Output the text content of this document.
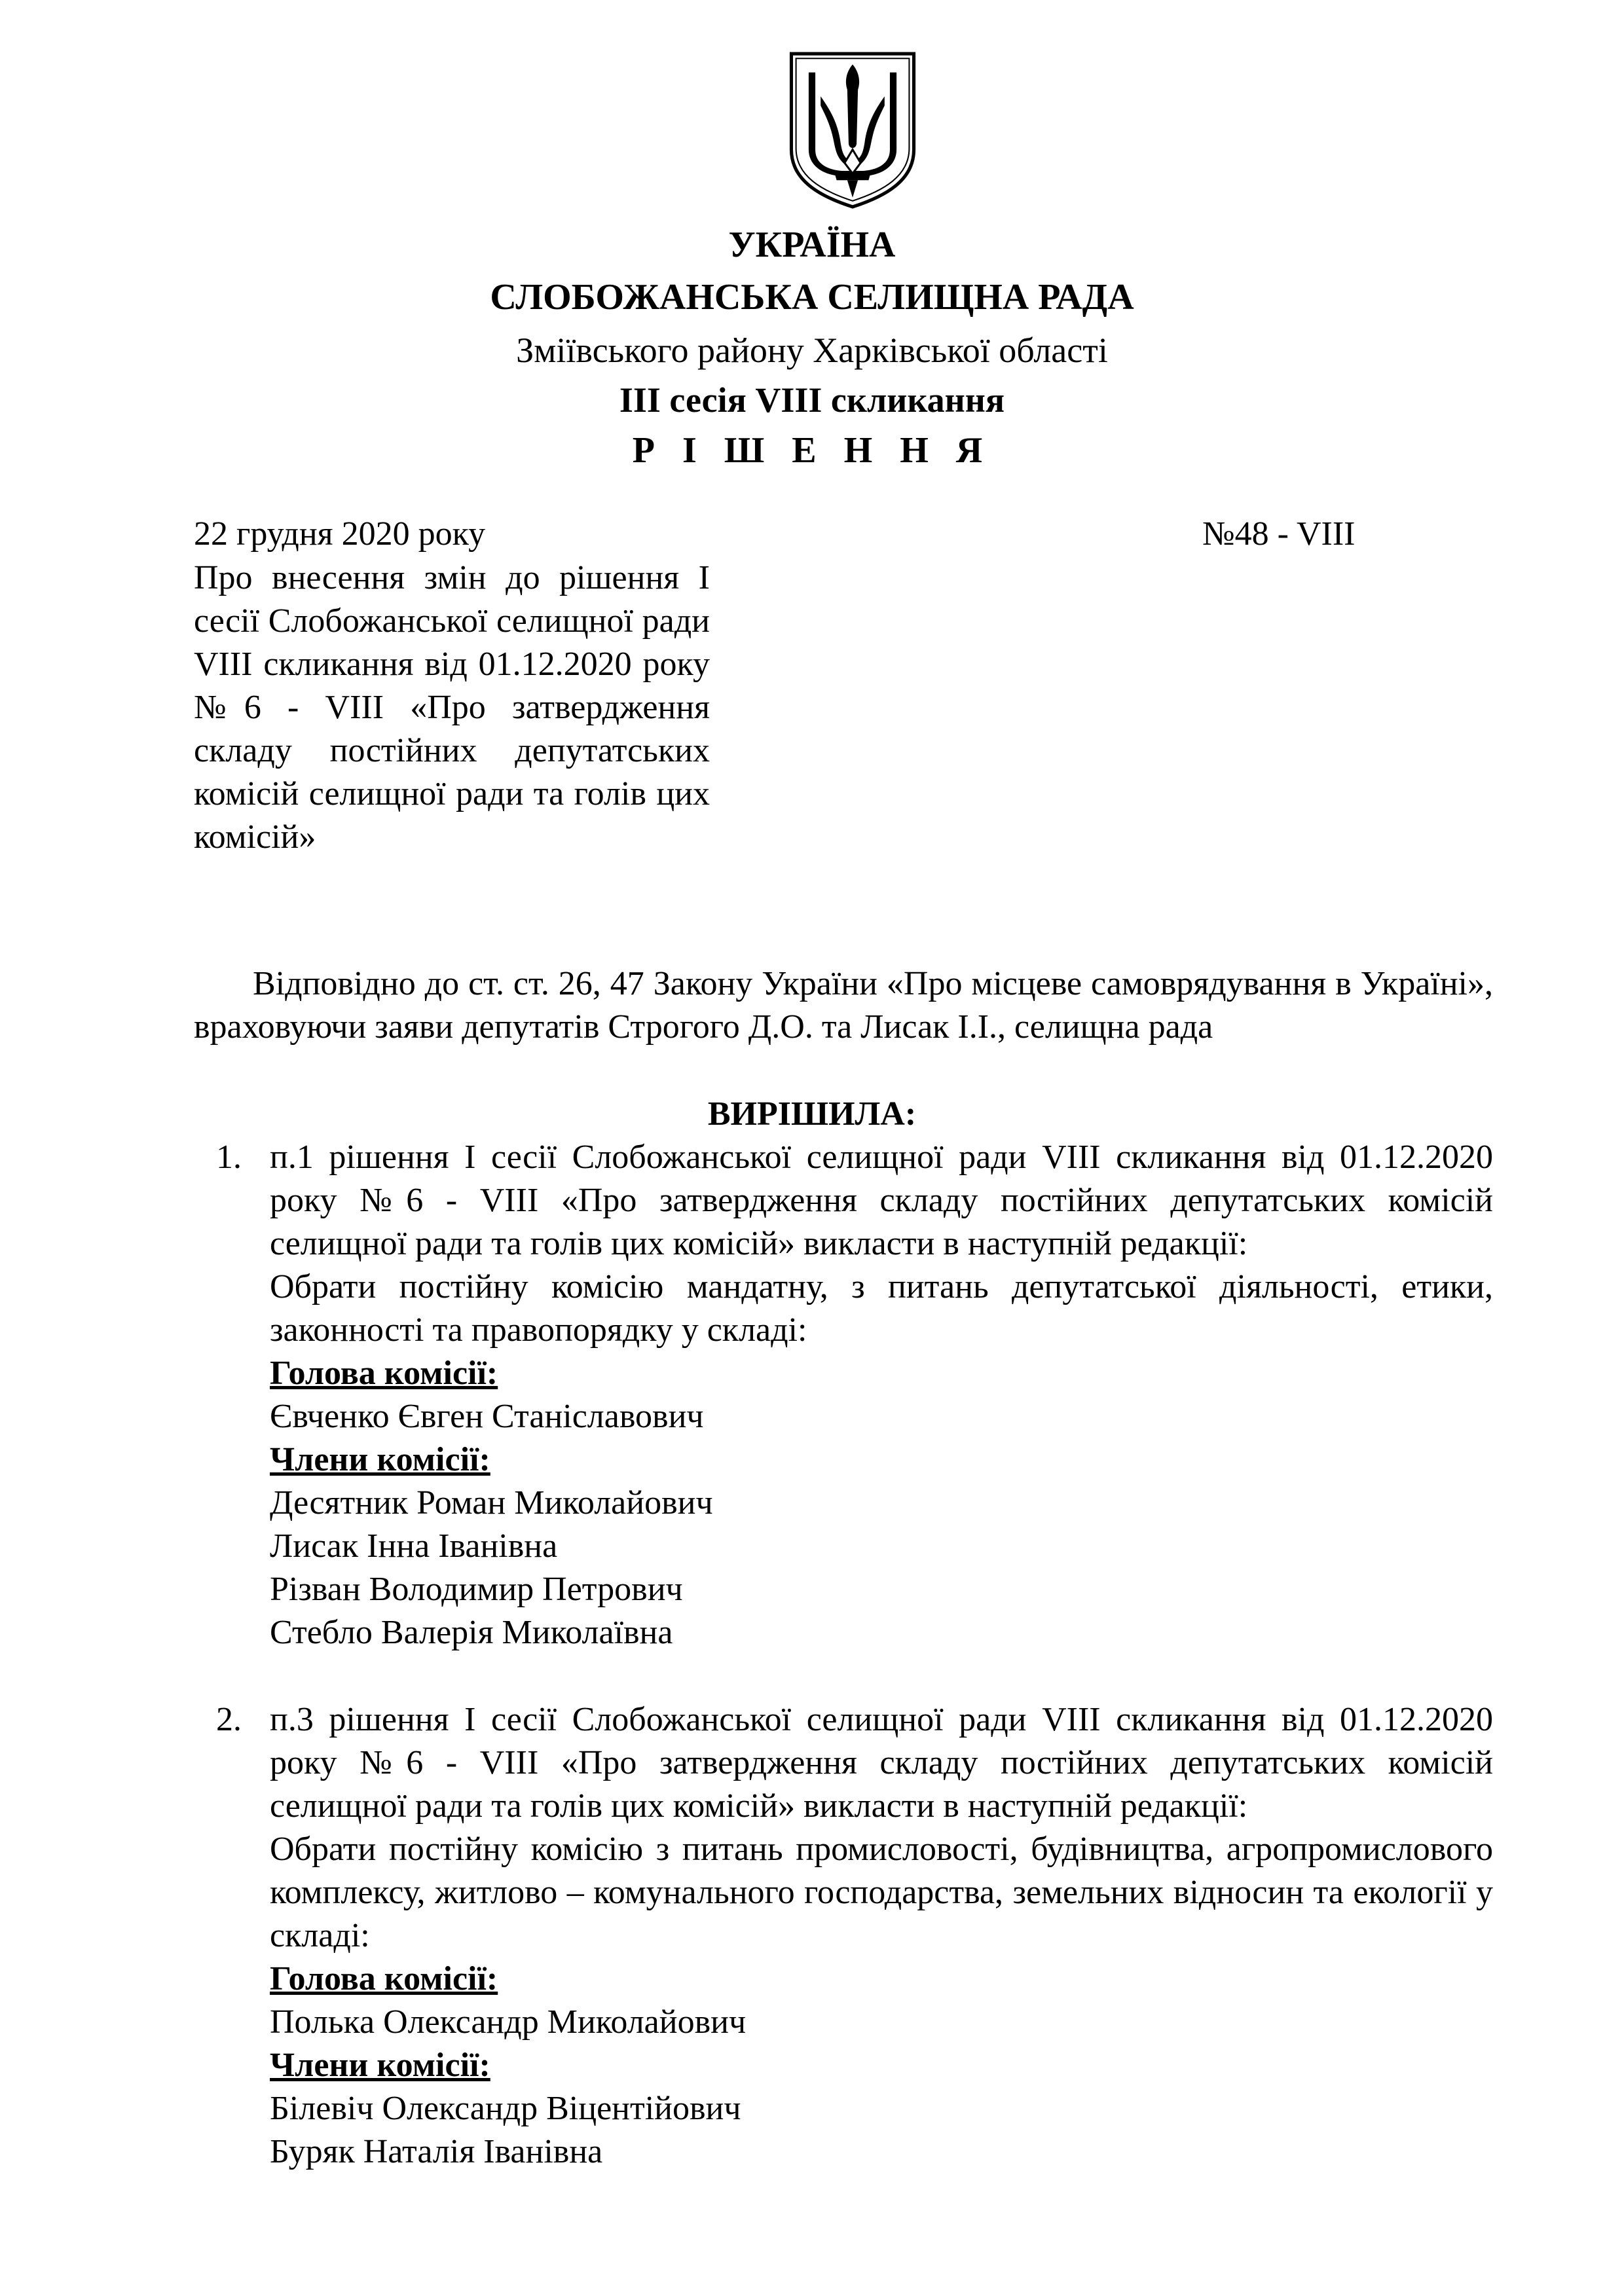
УКРАЇНА
СЛОБОЖАНСЬКА СЕЛИЩНА РАДА
Зміївського району Харківської області
ІІІ сесія VІІІ скликання
Р І Ш Е Н Н Я
22 грудня 2020 року	№48 - VІІІ
Про внесення змін до рішення І сесії Слобожанської селищної ради VІІІ скликання від 01.12.2020 року №6 - VIII «Про затвердження складу постійних депутатських комісій селищної ради та голів цих комісій»
Відповідно до ст. ст. 26, 47 Закону України «Про місцеве самоврядування в Україні», враховуючи заяви депутатів Строгого Д.О. та Лисак І.І., селищна рада
ВИРІШИЛА:
1. п.1 рішення І сесії Слобожанської селищної ради VІІІ скликання від 01.12.2020 року №6 - VIII «Про затвердження складу постійних депутатських комісій селищної ради та голів цих комісій» викласти в наступній редакції:
Обрати постійну комісію мандатну, з питань депутатської діяльності, етики, законності та правопорядку у складі:
Голова комісії:
Євченко Євген Станіславович
Члени комісії:
Десятник Роман Миколайович
Лисак Інна Іванівна
Різван Володимир Петрович
Стебло Валерія Миколаївна
2. п.3 рішення І сесії Слобожанської селищної ради VІІІ скликання від 01.12.2020 року №6 - VIII «Про затвердження складу постійних депутатських комісій селищної ради та голів цих комісій» викласти в наступній редакції:
Обрати постійну комісію з питань промисловості, будівництва, агропромислового комплексу, житлово – комунального господарства, земельних відносин та екології у складі:
Голова комісії:
Полька Олександр Миколайович
Члени комісії:
Білевіч Олександр Віцентійович
Буряк Наталія Іванівна
